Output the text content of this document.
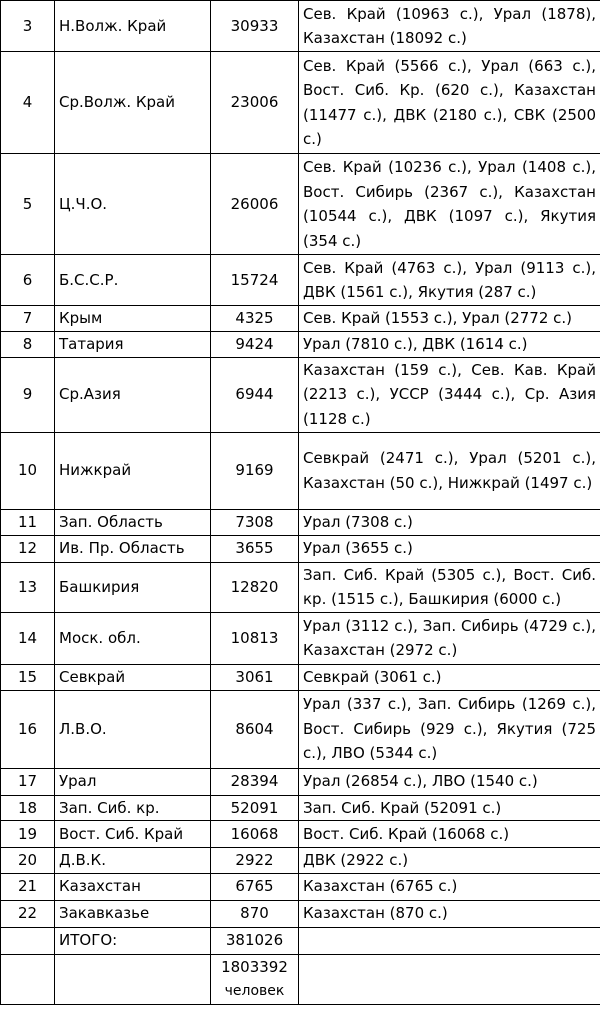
3	Н.Волж. Край	30933	Сев. Край (10963 с.), Урал (1878), Казахстан (18092 с.)
4	Ср.Волж. Край	23006	Сев. Край (5566 с.), Урал (663 с.), Вост. Сиб. Кр. (620 с.), Казахстан (11477 с.), ДВК (2180 с.), СВК (2500 с.)
5	Ц.Ч.О.	26006	Сев. Край (10236 с.), Урал (1408 с.), Вост. Сибирь (2367 с.), Казахстан (10544 с.), ДВК (1097 с.), Якутия (354 с.)
6	Б.С.С.Р.	15724	Сев. Край (4763 с.), Урал (9113 с.), ДВК (1561 с.), Якутия (287 с.)
7	Крым	4325	Сев. Край (1553 с.), Урал (2772 с.)
8	Татария	9424	Урал (7810 с.), ДВК (1614 с.)
9	Ср.Азия	6944	Казахстан (159 с.), Сев. Кав. Край (2213 с.), УССР (3444 с.), Ср. Азия (1128 с.)
10	Нижкрай	9169	Севкрай (2471 с.), Урал (5201 с.), Казахстан (50 с.), Нижкрай (1497 с.)
11	Зап. Область	7308	Урал (7308 с.)
12	Ив. Пр. Область	3655	Урал (3655 с.)
13	Башкирия	12820	Зап. Сиб. Край (5305 с.), Вост. Сиб. кр. (1515 с.), Башкирия (6000 с.)
14	Моск. обл.	10813	Урал (3112 с.), Зап. Сибирь (4729 с.), Казахстан (2972 с.)
15	Севкрай	3061	Севкрай (3061 с.)
16	Л.В.О.	8604	Урал (337 с.), Зап. Сибирь (1269 с.), Вост. Сибирь (929 с.), Якутия (725 с.), ЛВО (5344 с.)
17	Урал	28394	Урал (26854 с.), ЛВО (1540 с.)
18	Зап. Сиб. кр.	52091	Зап. Сиб. Край (52091 с.)
19	Вост. Сиб. Край	16068	Вост. Сиб. Край (16068 с.)
20	Д.В.К.	2922	ДВК (2922 с.)
21	Казахстан	6765	Казахстан (6765 с.)
22	Закавказье	870	Казахстан (870 с.)
	ИТОГО:	381026	

		1803392
человек	
